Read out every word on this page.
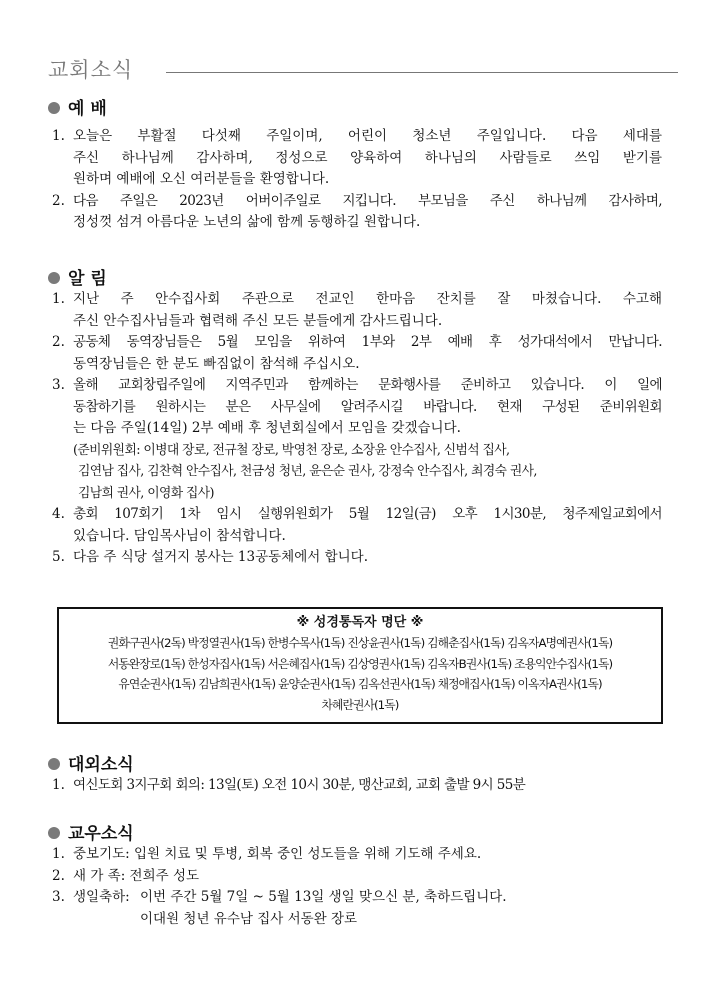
교회소식
예 배
1. 오늘은 부활절 다섯째 주일이며, 어린이 청소년 주일입니다. 다음 세대를
주신 하나님께 감사하며, 정성으로 양육하여 하나님의 사람들로 쓰임 받기를
원하며 예배에 오신 여러분들을 환영합니다.
2. 다음 주일은 2023년 어버이주일로 지킵니다. 부모님을 주신 하나님께 감사하며,
정성껏 섬겨 아름다운 노년의 삶에 함께 동행하길 원합니다.
알 림
1. 지난 주 안수집사회 주관으로 전교인 한마음 잔치를 잘 마쳤습니다. 수고해
주신 안수집사님들과 협력해 주신 모든 분들에게 감사드립니다.
2. 공동체 동역장님들은 5월 모임을 위하여 1부와 2부 예배 후 성가대석에서 만납니다.
동역장님들은 한 분도 빠짐없이 참석해 주십시오.
3. 올해 교회창립주일에 지역주민과 함께하는 문화행사를 준비하고 있습니다. 이 일에
동참하기를 원하시는 분은 사무실에 알려주시길 바랍니다. 현재 구성된 준비위원회
는 다음 주일(14일) 2부 예배 후 청년회실에서 모임을 갖겠습니다.
(준비위원회: 이병대 장로, 전규철 장로, 박영천 장로, 소장윤 안수집사, 신범석 집사,
김연남 집사, 김찬혁 안수집사, 천금성 청년, 윤은순 권사, 강정숙 안수집사, 최경숙 권사,
김남희 권사, 이영화 집사)
4. 총회 107회기 1차 임시 실행위원회가 5월 12일(금) 오후 1시30분, 청주제일교회에서
있습니다. 담임목사님이 참석합니다.
5. 다음 주 식당 설거지 봉사는 13공동체에서 합니다.
※ 성경통독자 명단 ※
권화구권사(2독) 박정열권사(1독) 한병수목사(1독) 진상윤권사(1독) 김해춘집사(1독) 김옥자A명예권사(1독)
서동완장로(1독) 한성자집사(1독) 서은혜집사(1독) 김상영권사(1독) 김옥자B권사(1독) 조용익안수집사(1독)
유연순권사(1독) 김남희권사(1독) 윤양순권사(1독) 김옥선권사(1독) 채정애집사(1독) 이옥자A권사(1독)
차혜란권사(1독)
대외소식
1. 여신도회 3지구회 회의: 13일(토) 오전 10시 30분, 맹산교회, 교회 출발 9시 55분
교우소식
1. 중보기도: 입원 치료 및 투병, 회복 중인 성도들을 위해 기도해 주세요.
2. 새 가 족: 전희주 성도
3. 생일축하: 이번 주간 5월 7일 ~ 5월 13일 생일 맞으신 분, 축하드립니다.
이대원 청년 유수남 집사 서동완 장로
